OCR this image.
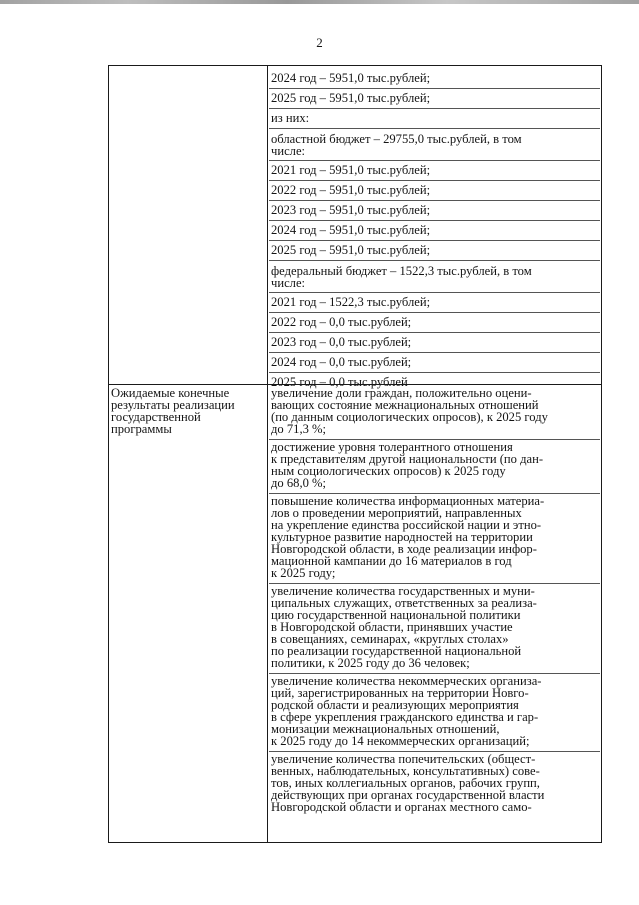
2
2024 год – 5951,0 тыс.рублей;
2025 год – 5951,0 тыс.рублей;
из них:
областной бюджет – 29755,0 тыс.рублей, в том
числе:
2021 год – 5951,0 тыс.рублей;
2022 год – 5951,0 тыс.рублей;
2023 год – 5951,0 тыс.рублей;
2024 год – 5951,0 тыс.рублей;
2025 год – 5951,0 тыс.рублей;
федеральный бюджет – 1522,3 тыс.рублей, в том
числе:
2021 год – 1522,3 тыс.рублей;
2022 год – 0,0 тыс.рублей;
2023 год – 0,0 тыс.рублей;
2024 год – 0,0 тыс.рублей;
2025 год – 0,0 тыс.рублей
Ожидаемые конечные
результаты реализации
государственной
программы
увеличение доли граждан, положительно оцени-
вающих состояние межнациональных отношений
(по данным социологических опросов), к 2025 году
до 71,3 %;
достижение уровня толерантного отношения
к представителям другой национальности (по дан-
ным социологических опросов) к 2025 году
до 68,0 %;
повышение количества информационных материа-
лов о проведении мероприятий, направленных
на укрепление единства российской нации и этно-
культурное развитие народностей на территории
Новгородской области, в ходе реализации инфор-
мационной кампании до 16 материалов в год
к 2025 году;
увеличение количества государственных и муни-
ципальных служащих, ответственных за реализа-
цию государственной национальной политики
в Новгородской области, принявших участие
в совещаниях, семинарах, «круглых столах»
по реализации государственной национальной
политики, к 2025 году до 36 человек;
увеличение количества некоммерческих организа-
ций, зарегистрированных на территории Новго-
родской области и реализующих мероприятия
в сфере укрепления гражданского единства и гар-
монизации межнациональных отношений,
к 2025 году до 14 некоммерческих организаций;
увеличение количества попечительских (общест-
венных, наблюдательных, консультативных) сове-
тов, иных коллегиальных органов, рабочих групп,
действующих при органах государственной власти
Новгородской области и органах местного само-
